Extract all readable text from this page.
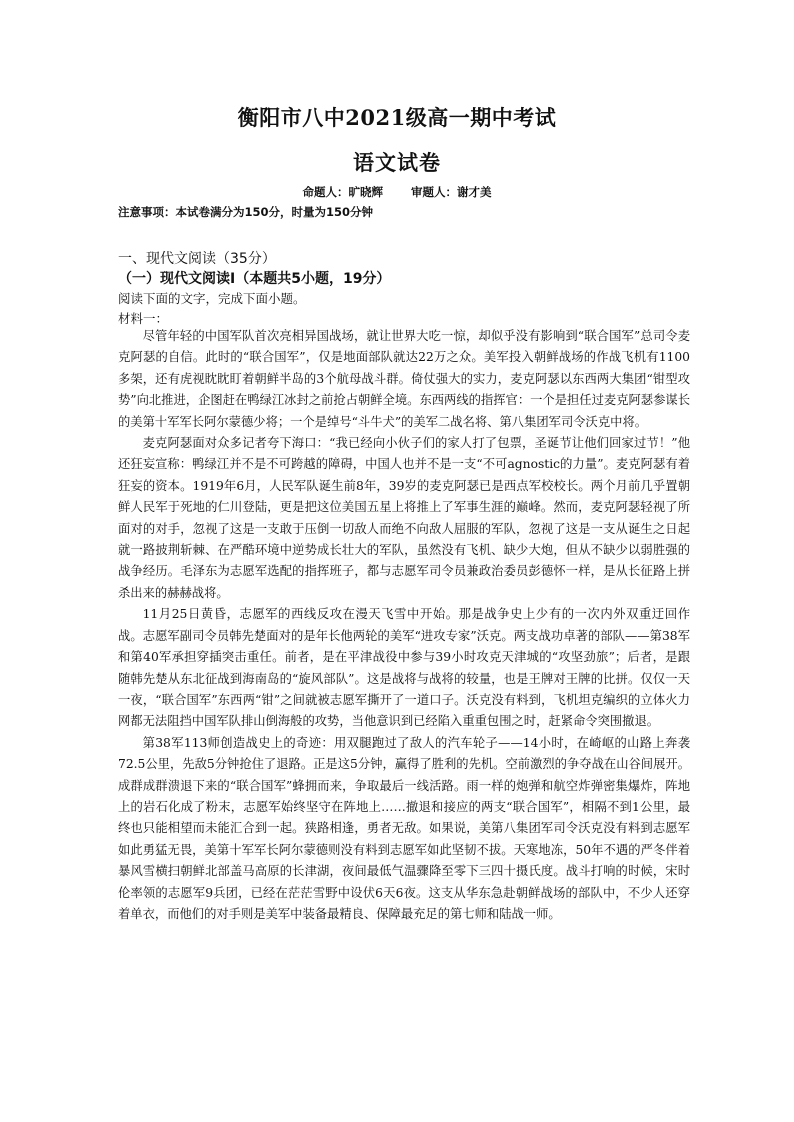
衡阳市八中2021级高一期中考试
语文试卷
命题人：旷晓辉 审题人：谢才美
注意事项：本试卷满分为150分，时量为150分钟
一、现代文阅读（35分）
（一）现代文阅读Ⅰ（本题共5小题，19分）
阅读下面的文字，完成下面小题。
材料一：

尽管年轻的中国军队首次亮相异国战场，就让世界大吃一惊，却似乎没有影响到“联合国军”总司令麦克阿瑟的自信。此时的“联合国军”，仅是地面部队就达22万之众。美军投入朝鲜战场的作战飞机有1100多架，还有虎视眈眈盯着朝鲜半岛的3个航母战斗群。倚仗强大的实力，麦克阿瑟以东西两大集团“钳型攻势”向北推进，企图赶在鸭绿江冰封之前抢占朝鲜全境。东西两线的指挥官：一个是担任过麦克阿瑟参谋长的美第十军军长阿尔蒙德少将；一个是绰号“斗牛犬”的美军二战名将、第八集团军司令沃克中将。

麦克阿瑟面对众多记者夸下海口：“我已经向小伙子们的家人打了包票，圣诞节让他们回家过节！”他还狂妄宣称：鸭绿江并不是不可跨越的障碍，中国人也并不是一支“不可agnostic的力量”。麦克阿瑟有着狂妄的资本。1919年6月，人民军队诞生前8年，39岁的麦克阿瑟已是西点军校校长。两个月前几乎置朝鲜人民军于死地的仁川登陆，更是把这位美国五星上将推上了军事生涯的巅峰。然而，麦克阿瑟轻视了所面对的对手，忽视了这是一支敢于压倒一切敌人而绝不向敌人屈服的军队，忽视了这是一支从诞生之日起就一路披荆斩棘、在严酷环境中逆势成长壮大的军队，虽然没有飞机、缺少大炮，但从不缺少以弱胜强的战争经历。毛泽东为志愿军选配的指挥班子，都与志愿军司令员兼政治委员彭德怀一样，是从长征路上拼杀出来的赫赫战将。

11月25日黄昏，志愿军的西线反攻在漫天飞雪中开始。那是战争史上少有的一次内外双重迂回作战。志愿军副司令员韩先楚面对的是年长他两轮的美军“进攻专家”沃克。两支战功卓著的部队——第38军和第40军承担穿插突击重任。前者，是在平津战役中参与39小时攻克天津城的“攻坚劲旅”；后者，是跟随韩先楚从东北征战到海南岛的“旋风部队”。这是战将与战将的较量，也是王牌对王牌的比拼。仅仅一天一夜，“联合国军”东西两“钳”之间就被志愿军撕开了一道口子。沃克没有料到，飞机坦克编织的立体火力网都无法阻挡中国军队排山倒海般的攻势，当他意识到已经陷入重重包围之时，赶紧命令突围撤退。

第38军113师创造战史上的奇迹：用双腿跑过了敌人的汽车轮子——14小时，在崎岖的山路上奔袭72.5公里，先敌5分钟抢住了退路。正是这5分钟，赢得了胜利的先机。空前激烈的争夺战在山谷间展开。成群成群溃退下来的“联合国军”蜂拥而来，争取最后一线活路。雨一样的炮弹和航空炸弹密集爆炸，阵地上的岩石化成了粉末，志愿军始终坚守在阵地上……撤退和接应的两支“联合国军”，相隔不到1公里，最终也只能相望而未能汇合到一起。狭路相逢，勇者无敌。如果说，美第八集团军司令沃克没有料到志愿军如此勇猛无畏，美第十军军长阿尔蒙德则没有料到志愿军如此坚韧不拔。天寒地冻，50年不遇的严冬伴着暴风雪横扫朝鲜北部盖马高原的长津湖，夜间最低气温骤降至零下三四十摄氏度。战斗打响的时候，宋时伦率领的志愿军9兵团，已经在茫茫雪野中设伏6天6夜。这支从华东急赴朝鲜战场的部队中，不少人还穿着单衣，而他们的对手则是美军中装备最精良、保障最充足的第七师和陆战一师。
